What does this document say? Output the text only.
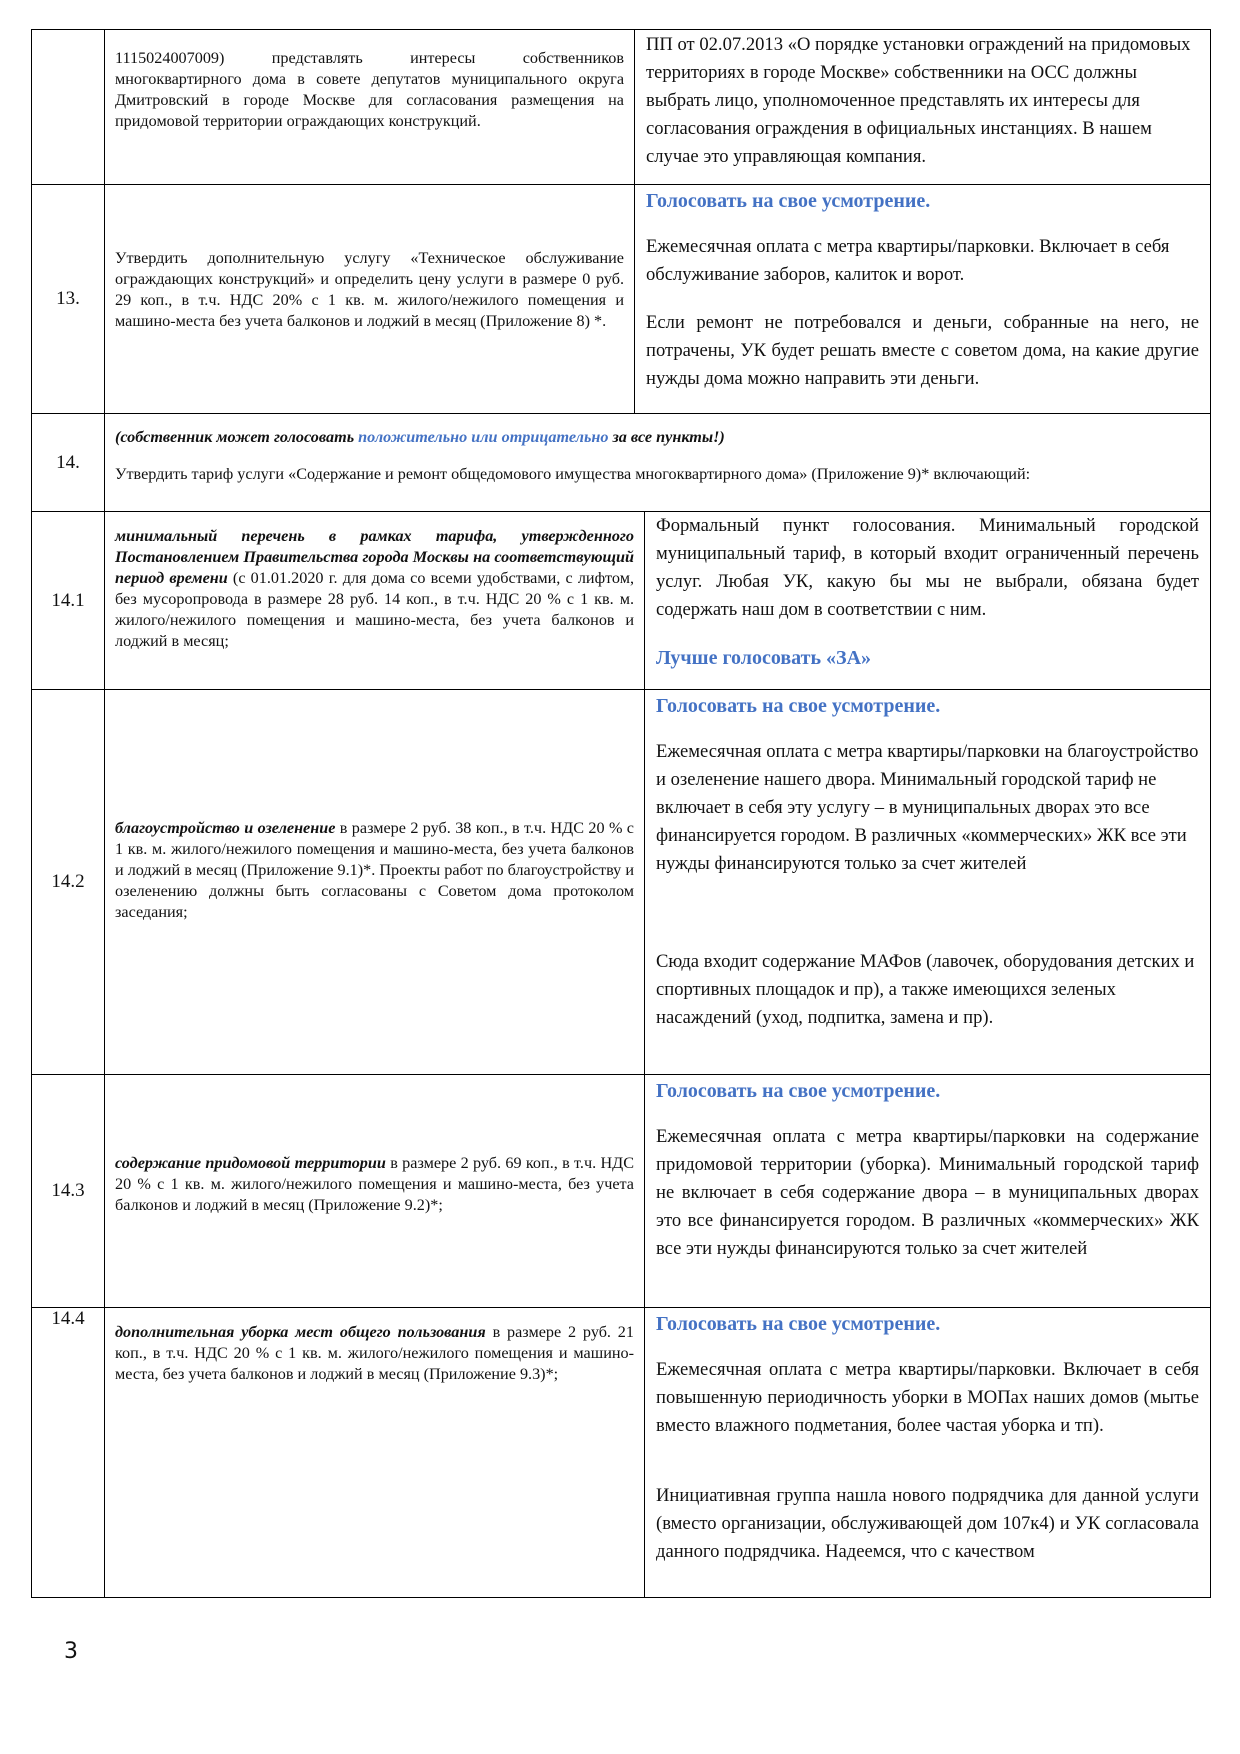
1115024007009) представлять интересы собственников многоквартирного дома в совете депутатов муниципального округа Дмитровский в городе Москве для согласования размещения на придомовой территории ограждающих конструкций.

ПП от 02.07.2013 «О порядке установки ограждений на придомовых территориях в городе Москве» собственники на ОСС должны выбрать лицо, уполномоченное представлять их интересы для согласования ограждения в официальных инстанциях. В нашем случае это управляющая компания.

13.

Утвердить дополнительную услугу «Техническое обслуживание ограждающих конструкций» и определить цену услуги в размере 0 руб. 29 коп., в т.ч. НДС 20% с 1 кв. м. жилого/нежилого помещения и машино-места без учета балконов и лоджий в месяц (Приложение 8) *.

Голосовать на свое усмотрение.

Ежемесячная оплата с метра квартиры/парковки. Включает в себя обслуживание заборов, калиток и ворот.

Если ремонт не потребовался и деньги, собранные на него, не потрачены, УК будет решать вместе с советом дома, на какие другие нужды дома можно направить эти деньги.

14.

(собственник может голосовать положительно или отрицательно за все пункты!)

Утвердить тариф услуги «Содержание и ремонт общедомового имущества многоквартирного дома» (Приложение 9)* включающий:

14.1

минимальный перечень в рамках тарифа, утвержденного Постановлением Правительства города Москвы на соответствующий период времени (с 01.01.2020 г. для дома со всеми удобствами, с лифтом, без мусоропровода в размере 28 руб. 14 коп., в т.ч. НДС 20 % с 1 кв. м. жилого/нежилого помещения и машино-места, без учета балконов и лоджий в месяц;

Формальный пункт голосования. Минимальный городской муниципальный тариф, в который входит ограниченный перечень услуг. Любая УК, какую бы мы не выбрали, обязана будет содержать наш дом в соответствии с ним.

Лучше голосовать «ЗА»

14.2

благоустройство и озеленение в размере 2 руб. 38 коп., в т.ч. НДС 20 % с 1 кв. м. жилого/нежилого помещения и машино-места, без учета балконов и лоджий в месяц (Приложение 9.1)*. Проекты работ по благоустройству и озеленению должны быть согласованы с Советом дома протоколом заседания;

Голосовать на свое усмотрение.

Ежемесячная оплата с метра квартиры/парковки на благоустройство и озеленение нашего двора. Минимальный городской тариф не включает в себя эту услугу – в муниципальных дворах это все финансируется городом. В различных «коммерческих» ЖК все эти нужды финансируются только за счет жителей

Сюда входит содержание МАФов (лавочек, оборудования детских и спортивных площадок и пр), а также имеющихся зеленых насаждений (уход, подпитка, замена и пр).

14.3

содержание придомовой территории в размере 2 руб. 69 коп., в т.ч. НДС 20 % с 1 кв. м. жилого/нежилого помещения и машино-места, без учета балконов и лоджий в месяц (Приложение 9.2)*;

Голосовать на свое усмотрение.

Ежемесячная оплата с метра квартиры/парковки на содержание придомовой территории (уборка). Минимальный городской тариф не включает в себя содержание двора – в муниципальных дворах это все финансируется городом. В различных «коммерческих» ЖК все эти нужды финансируются только за счет жителей

14.4

дополнительная уборка мест общего пользования в размере 2 руб. 21 коп., в т.ч. НДС 20 % с 1 кв. м. жилого/нежилого помещения и машино-места, без учета балконов и лоджий в месяц (Приложение 9.3)*;

Голосовать на свое усмотрение.

Ежемесячная оплата с метра квартиры/парковки. Включает в себя повышенную периодичность уборки в МОПах наших домов (мытье вместо влажного подметания, более частая уборка и тп).

Инициативная группа нашла нового подрядчика для данной услуги (вместо организации, обслуживающей дом 107к4) и УК согласовала данного подрядчика. Надеемся, что с качеством

3
